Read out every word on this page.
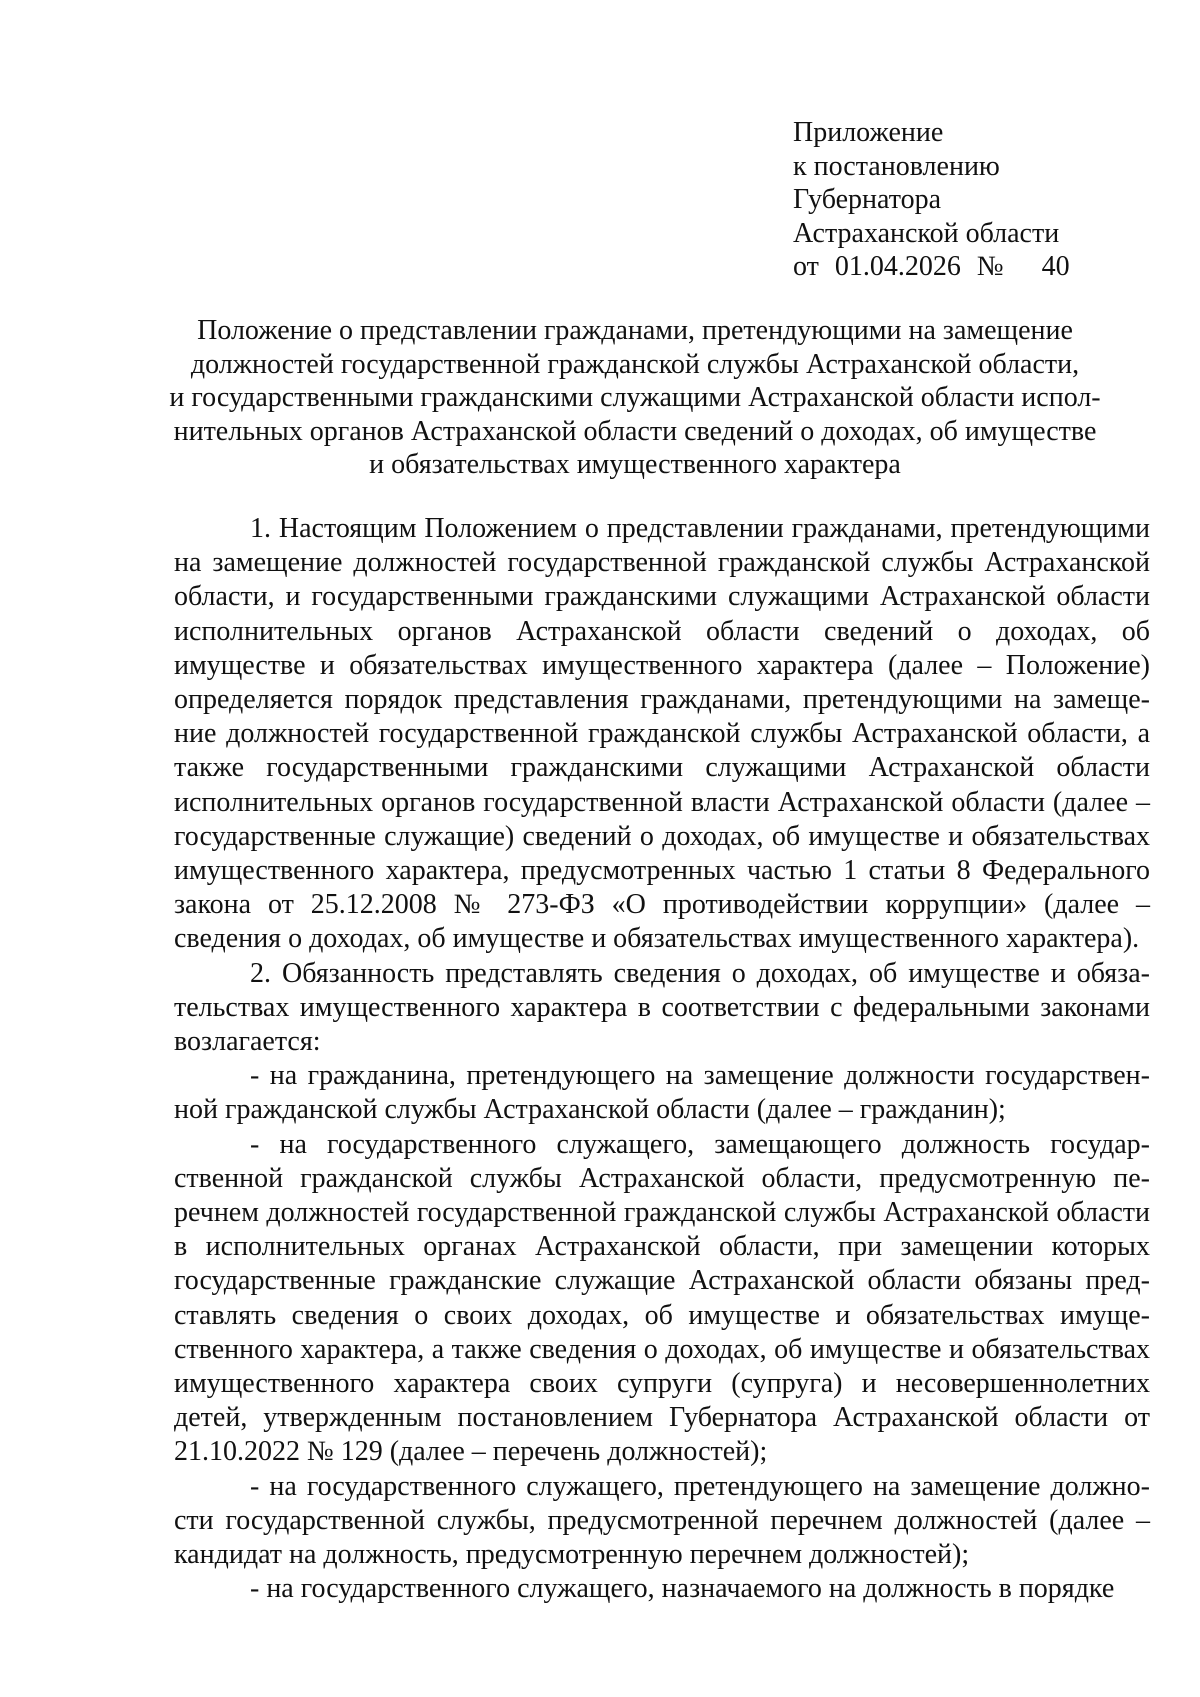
Приложение
к постановлению
Губернатора
Астраханской области
от 01.04.2026 № 40
Положение о представлении гражданами, претендующими на замещение
должностей государственной гражданской службы Астраханской области,
и государственными гражданскими служащими Астраханской области испол-
нительных органов Астраханской области сведений о доходах, об имуществе
и обязательствах имущественного характера

1. Настоящим Положением о представлении гражданами, претендующими на замещение должностей государственной гражданской службы Астраханской области, и государственными гражданскими служащими Астраханской области исполнительных органов Астраханской области сведений о доходах, об имуществе и обязательствах имущественного характера (далее – Положение) определяется порядок представления гражданами, претендующими на замещение должностей государственной гражданской службы Астраханской области, а также государственными гражданскими служащими Астраханской области исполнительных органов государственной власти Астраханской области (далее – государственные служащие) сведений о доходах, об имуществе и обязательствах имущественного характера, предусмотренных частью 1 статьи 8 Федерального закона от 25.12.2008 № 273-ФЗ «О противодействии коррупции» (далее – сведения о доходах, об имуществе и обязательствах имущественного характера).

2. Обязанность представлять сведения о доходах, об имуществе и обязательствах имущественного характера в соответствии с федеральными законами возлагается:

- на гражданина, претендующего на замещение должности государственной гражданской службы Астраханской области (далее – гражданин);

- на государственного служащего, замещающего должность государственной гражданской службы Астраханской области, предусмотренную перечнем должностей государственной гражданской службы Астраханской области в исполнительных органах Астраханской области, при замещении которых государственные гражданские служащие Астраханской области обязаны представлять сведения о своих доходах, об имуществе и обязательствах имущественного характера, а также сведения о доходах, об имуществе и обязательствах имущественного характера своих супруги (супруга) и несовершеннолетних детей, утвержденным постановлением Губернатора Астраханской области от 21.10.2022 № 129 (далее – перечень должностей);

- на государственного служащего, претендующего на замещение должности государственной службы, предусмотренной перечнем должностей (далее – кандидат на должность, предусмотренную перечнем должностей);

- на государственного служащего, назначаемого на должность в порядке
